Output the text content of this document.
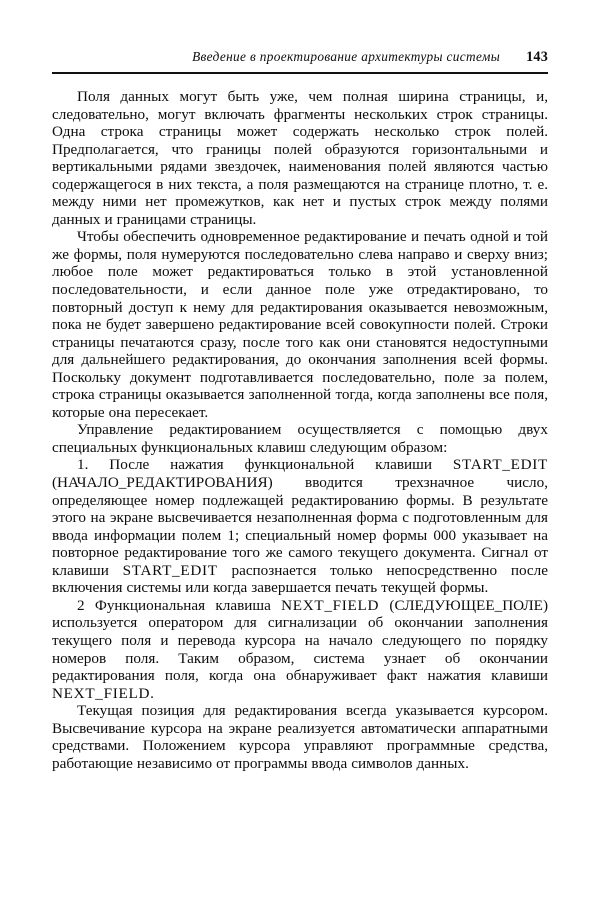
Введение в проектирование архитектуры системы 143

Поля данных могут быть уже, чем полная ширина страницы, и, следовательно, могут включать фрагменты нескольких строк страницы. Одна строка страницы может содержать несколько строк полей. Предполагается, что границы полей образуются горизонтальными и вертикальными рядами звездочек, наименования полей являются частью содержащегося в них текста, а поля размещаются на странице плотно, т. е. между ними нет промежутков, как нет и пустых строк между полями данных и границами страницы.

Чтобы обеспечить одновременное редактирование и печать одной и той же формы, поля нумеруются последовательно слева направо и сверху вниз; любое поле может редактироваться только в этой установленной последовательности, и если данное поле уже отредактировано, то повторный доступ к нему для редактирования оказывается невозможным, пока не будет завершено редактирование всей совокупности полей. Строки страницы печатаются сразу, после того как они становятся недоступными для дальнейшего редактирования, до окончания заполнения всей формы. Поскольку документ подготавливается последовательно, поле за полем, строка страницы оказывается заполненной тогда, когда заполнены все поля, которые она пересекает.

Управление редактированием осуществляется с помощью двух специальных функциональных клавиш следующим образом:

1. После нажатия функциональной клавиши START_EDIT (НАЧАЛО_РЕДАКТИРОВАНИЯ) вводится трехзначное число, определяющее номер подлежащей редактированию формы. В результате этого на экране высвечивается незаполненная форма с подготовленным для ввода информации полем 1; специальный номер формы 000 указывает на повторное редактирование того же самого текущего документа. Сигнал от клавиши START_EDIT распознается только непосредственно после включения системы или когда завершается печать текущей формы.

2 Функциональная клавиша NEXT_FIELD (СЛЕДУЮЩЕЕ_ПОЛЕ) используется оператором для сигнализации об окончании заполнения текущего поля и перевода курсора на начало следующего по порядку номеров поля. Таким образом, система узнает об окончании редактирования поля, когда она обнаруживает факт нажатия клавиши NEXT_FIELD.

Текущая позиция для редактирования всегда указывается курсором. Высвечивание курсора на экране реализуется автоматически аппаратными средствами. Положением курсора управляют программные средства, работающие независимо от программы ввода символов данных.
